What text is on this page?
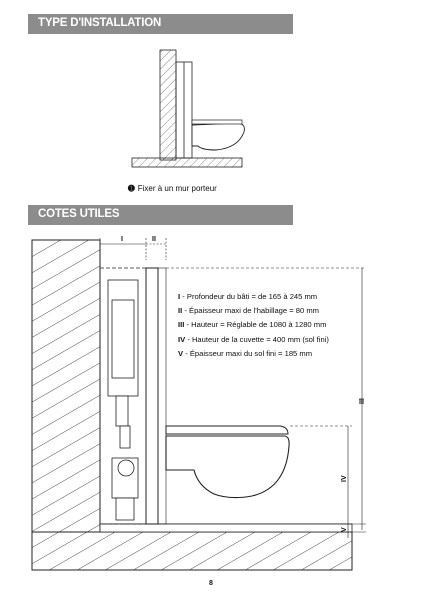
TYPE D'INSTALLATION
I	II
III
IV
V
➊ Fixer à un mur porteur
COTES UTILES
I - Profondeur du bâti = de 165 à 245 mm
II - Épaisseur maxi de l'habillage = 80 mm
III - Hauteur = Réglable de 1080 à 1280 mm
IV - Hauteur de la cuvette = 400 mm (sol fini)
V - Épaisseur maxi du sol fini = 185 mm
8
